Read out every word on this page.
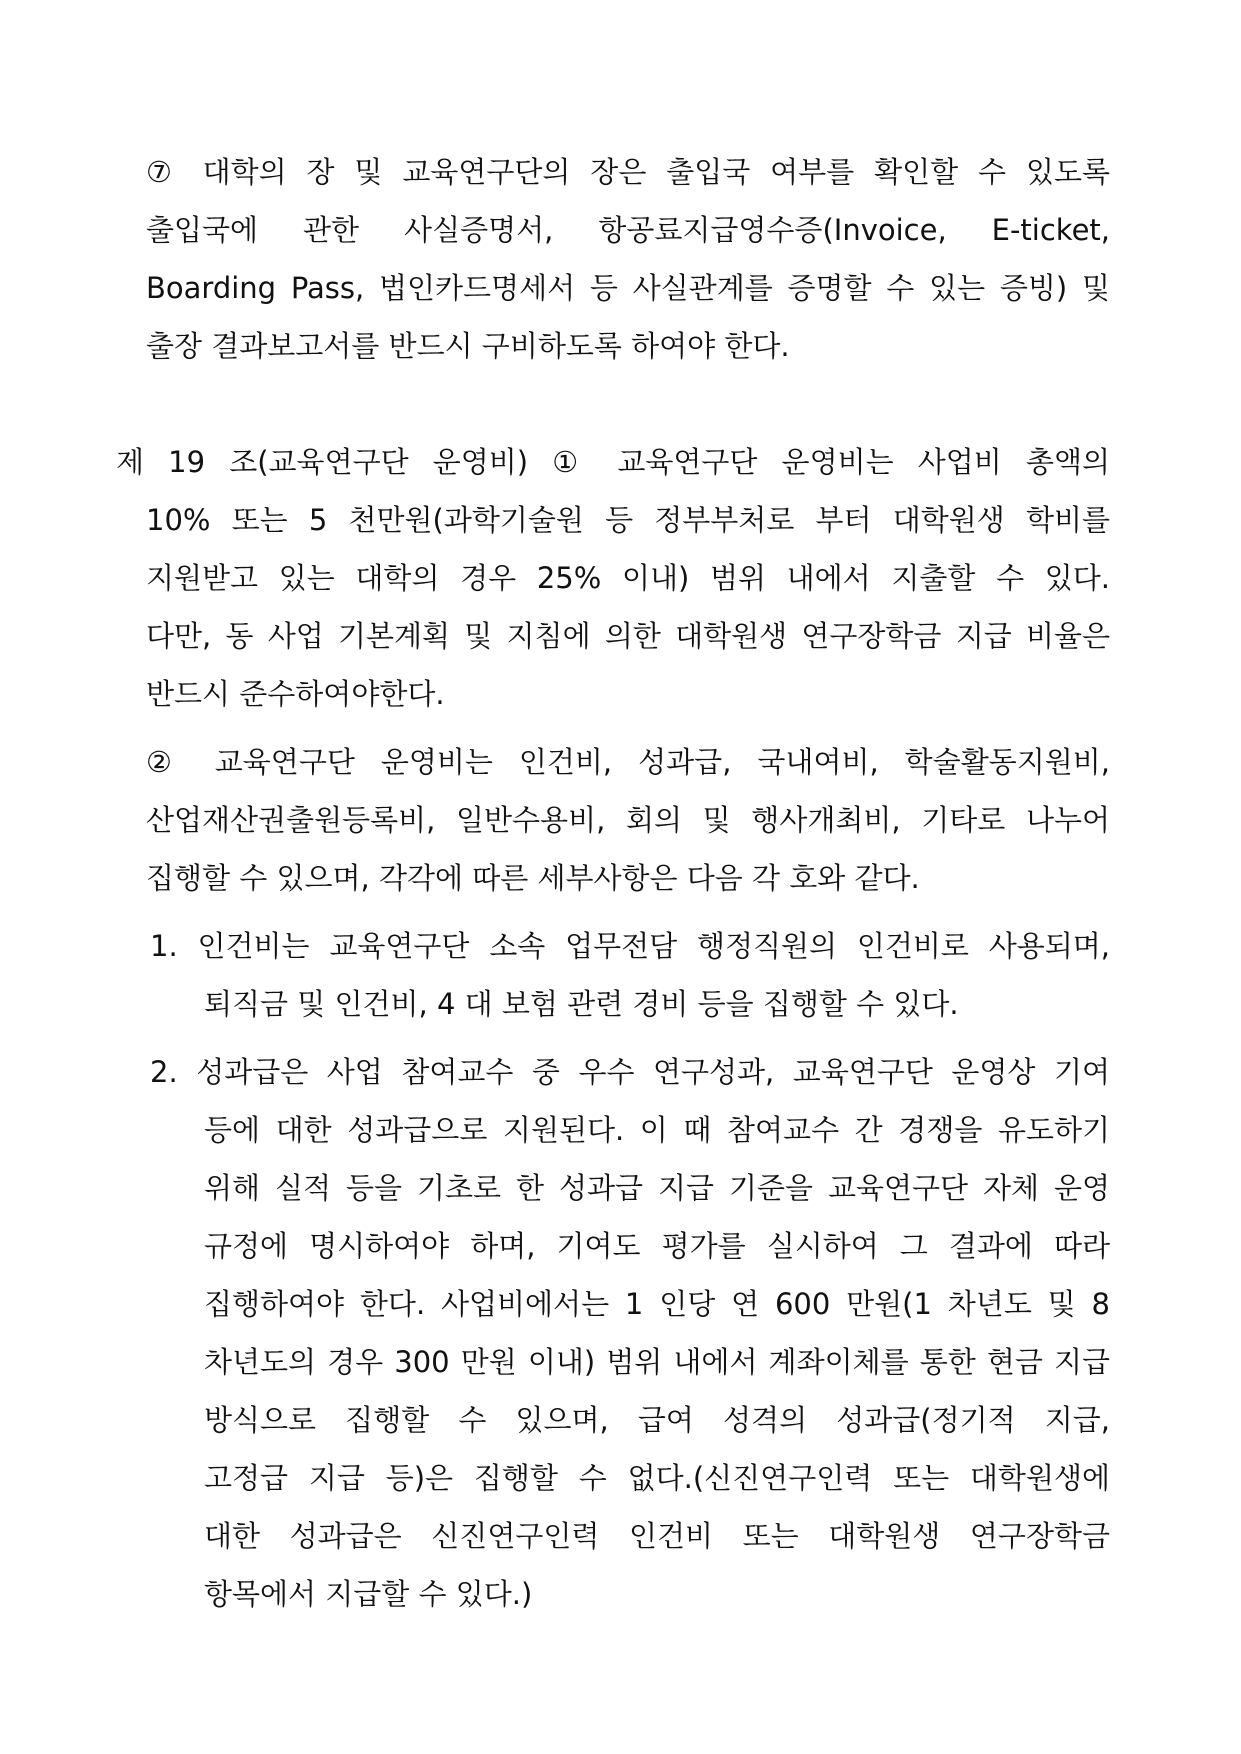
⑦ 대학의 장 및 교육연구단의 장은 출입국 여부를 확인할 수 있도록

출입국에 관한 사실증명서, 항공료지급영수증(Invoice, E-ticket,

Boarding Pass, 법인카드명세서 등 사실관계를 증명할 수 있는 증빙) 및

출장 결과보고서를 반드시 구비하도록 하여야 한다.

제 19 조(교육연구단 운영비) ① 교육연구단 운영비는 사업비 총액의

10% 또는 5 천만원(과학기술원 등 정부부처로 부터 대학원생 학비를

지원받고 있는 대학의 경우 25% 이내) 범위 내에서 지출할 수 있다.

다만, 동 사업 기본계획 및 지침에 의한 대학원생 연구장학금 지급 비율은

반드시 준수하여야한다.

② 교육연구단 운영비는 인건비, 성과급, 국내여비, 학술활동지원비,

산업재산권출원등록비, 일반수용비, 회의 및 행사개최비, 기타로 나누어

집행할 수 있으며, 각각에 따른 세부사항은 다음 각 호와 같다.

1. 인건비는 교육연구단 소속 업무전담 행정직원의 인건비로 사용되며,

퇴직금 및 인건비, 4 대 보험 관련 경비 등을 집행할 수 있다.

2. 성과급은 사업 참여교수 중 우수 연구성과, 교육연구단 운영상 기여

등에 대한 성과급으로 지원된다. 이 때 참여교수 간 경쟁을 유도하기

위해 실적 등을 기초로 한 성과급 지급 기준을 교육연구단 자체 운영

규정에 명시하여야 하며, 기여도 평가를 실시하여 그 결과에 따라

집행하여야 한다. 사업비에서는 1 인당 연 600 만원(1 차년도 및 8

차년도의 경우 300 만원 이내) 범위 내에서 계좌이체를 통한 현금 지급

방식으로 집행할 수 있으며, 급여 성격의 성과급(정기적 지급,

고정급 지급 등)은 집행할 수 없다.(신진연구인력 또는 대학원생에

대한 성과급은 신진연구인력 인건비 또는 대학원생 연구장학금

항목에서 지급할 수 있다.)
